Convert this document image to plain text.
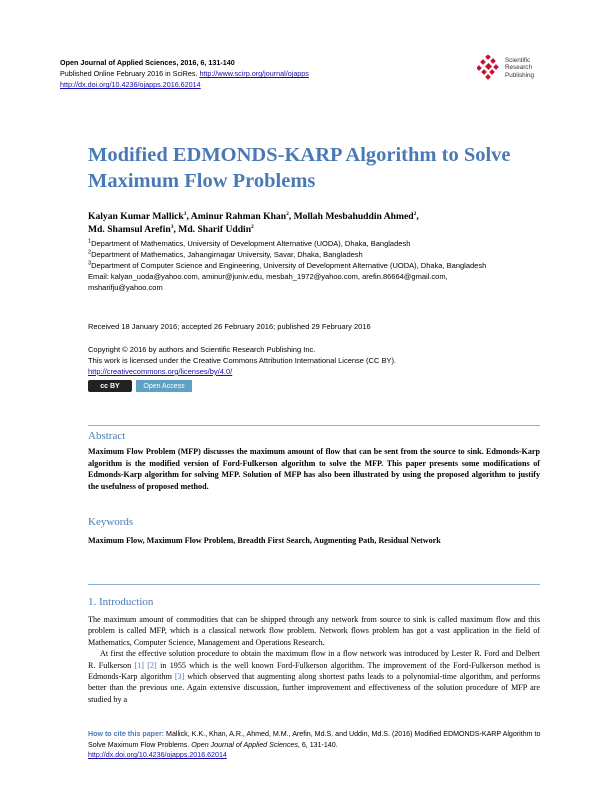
Open Journal of Applied Sciences, 2016, 6, 131-140
Published Online February 2016 in SciRes. http://www.scirp.org/journal/ojapps
http://dx.doi.org/10.4236/ojapps.2016.62014
Scientific
Research
Publishing
Modified EDMONDS-KARP Algorithm to Solve Maximum Flow Problems
Kalyan Kumar Mallick$^1$, Aminur Rahman Khan$^2$, Mollah Mesbahuddin Ahmed$^2$,
Md. Shamsul Arefin$^3$, Md. Sharif Uddin$^2$
$^1$Department of Mathematics, University of Development Alternative (UODA), Dhaka, Bangladesh
$^2$Department of Mathematics, Jahangirnagar University, Savar, Dhaka, Bangladesh
$^3$Department of Computer Science and Engineering, University of Development Alternative (UODA), Dhaka, Bangladesh
Email: kalyan_uoda@yahoo.com, aminur@juniv.edu, mesbah_1972@yahoo.com, arefin.86664@gmail.com, msharifju@yahoo.com
Received 18 January 2016; accepted 26 February 2016; published 29 February 2016
Copyright © 2016 by authors and Scientific Research Publishing Inc.
This work is licensed under the Creative Commons Attribution International License (CC BY).
http://creativecommons.org/licenses/by/4.0/
cc BY	Open Access
Abstract
Maximum Flow Problem (MFP) discusses the maximum amount of flow that can be sent from the source to sink. Edmonds-Karp algorithm is the modified version of Ford-Fulkerson algorithm to solve the MFP. This paper presents some modifications of Edmonds-Karp algorithm for solving MFP. Solution of MFP has also been illustrated by using the proposed algorithm to justify the usefulness of proposed method.
Keywords
Maximum Flow, Maximum Flow Problem, Breadth First Search, Augmenting Path, Residual Network
1. Introduction

The maximum amount of commodities that can be shipped through any network from source to sink is called maximum flow and this problem is called MFP, which is a classical network flow problem. Network flows problem has got a vast application in the field of Mathematics, Computer Science, Management and Operations Research.

At first the effective solution procedure to obtain the maximum flow in a flow network was introduced by Lester R. Ford and Delbert R. Fulkerson [1] [2] in 1955 which is the well known Ford-Fulkerson algorithm. The improvement of the Ford-Fulkerson method is Edmonds-Karp algorithm [3] which observed that augmenting along shortest paths leads to a polynomial-time algorithm, and performs better than the previous one. Again extensive discussion, further improvement and effectiveness of the solution procedure of MFP are studied by a

How to cite this paper: Mallick, K.K., Khan, A.R., Ahmed, M.M., Arefin, Md.S. and Uddin, Md.S. (2016) Modified EDMONDS-KARP Algorithm to Solve Maximum Flow Problems. Open Journal of Applied Sciences, 6, 131-140.
http://dx.doi.org/10.4236/ojapps.2016.62014
